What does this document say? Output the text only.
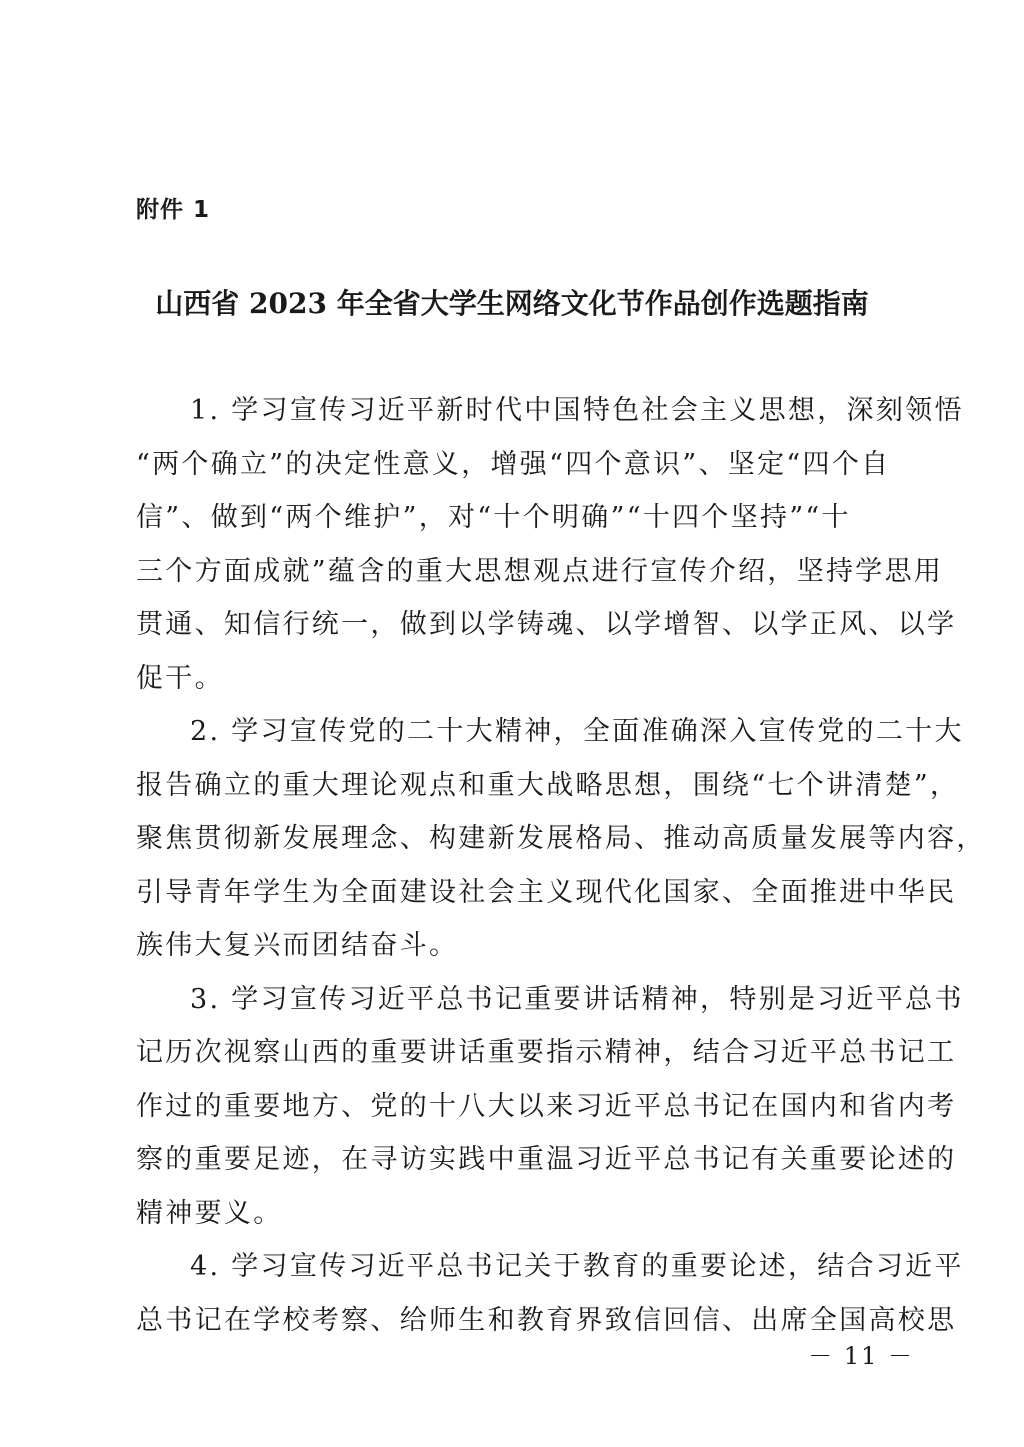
附件 1

山西省 2023 年全省大学生网络文化节作品创作选题指南

1. 学习宣传习近平新时代中国特色社会主义思想，深刻领悟
“两个确立”的决定性意义，增强“四个意识”、坚定“四个自
信”、做到“两个维护”，对“十个明确”“十四个坚持”“十
三个方面成就”蕴含的重大思想观点进行宣传介绍，坚持学思用
贯通、知信行统一，做到以学铸魂、以学增智、以学正风、以学
促干。

2. 学习宣传党的二十大精神，全面准确深入宣传党的二十大
报告确立的重大理论观点和重大战略思想，围绕“七个讲清楚”，
聚焦贯彻新发展理念、构建新发展格局、推动高质量发展等内容，
引导青年学生为全面建设社会主义现代化国家、全面推进中华民
族伟大复兴而团结奋斗。

3. 学习宣传习近平总书记重要讲话精神，特别是习近平总书
记历次视察山西的重要讲话重要指示精神，结合习近平总书记工
作过的重要地方、党的十八大以来习近平总书记在国内和省内考
察的重要足迹，在寻访实践中重温习近平总书记有关重要论述的
精神要义。

4. 学习宣传习近平总书记关于教育的重要论述，结合习近平
总书记在学校考察、给师生和教育界致信回信、出席全国高校思

－ 11 －
